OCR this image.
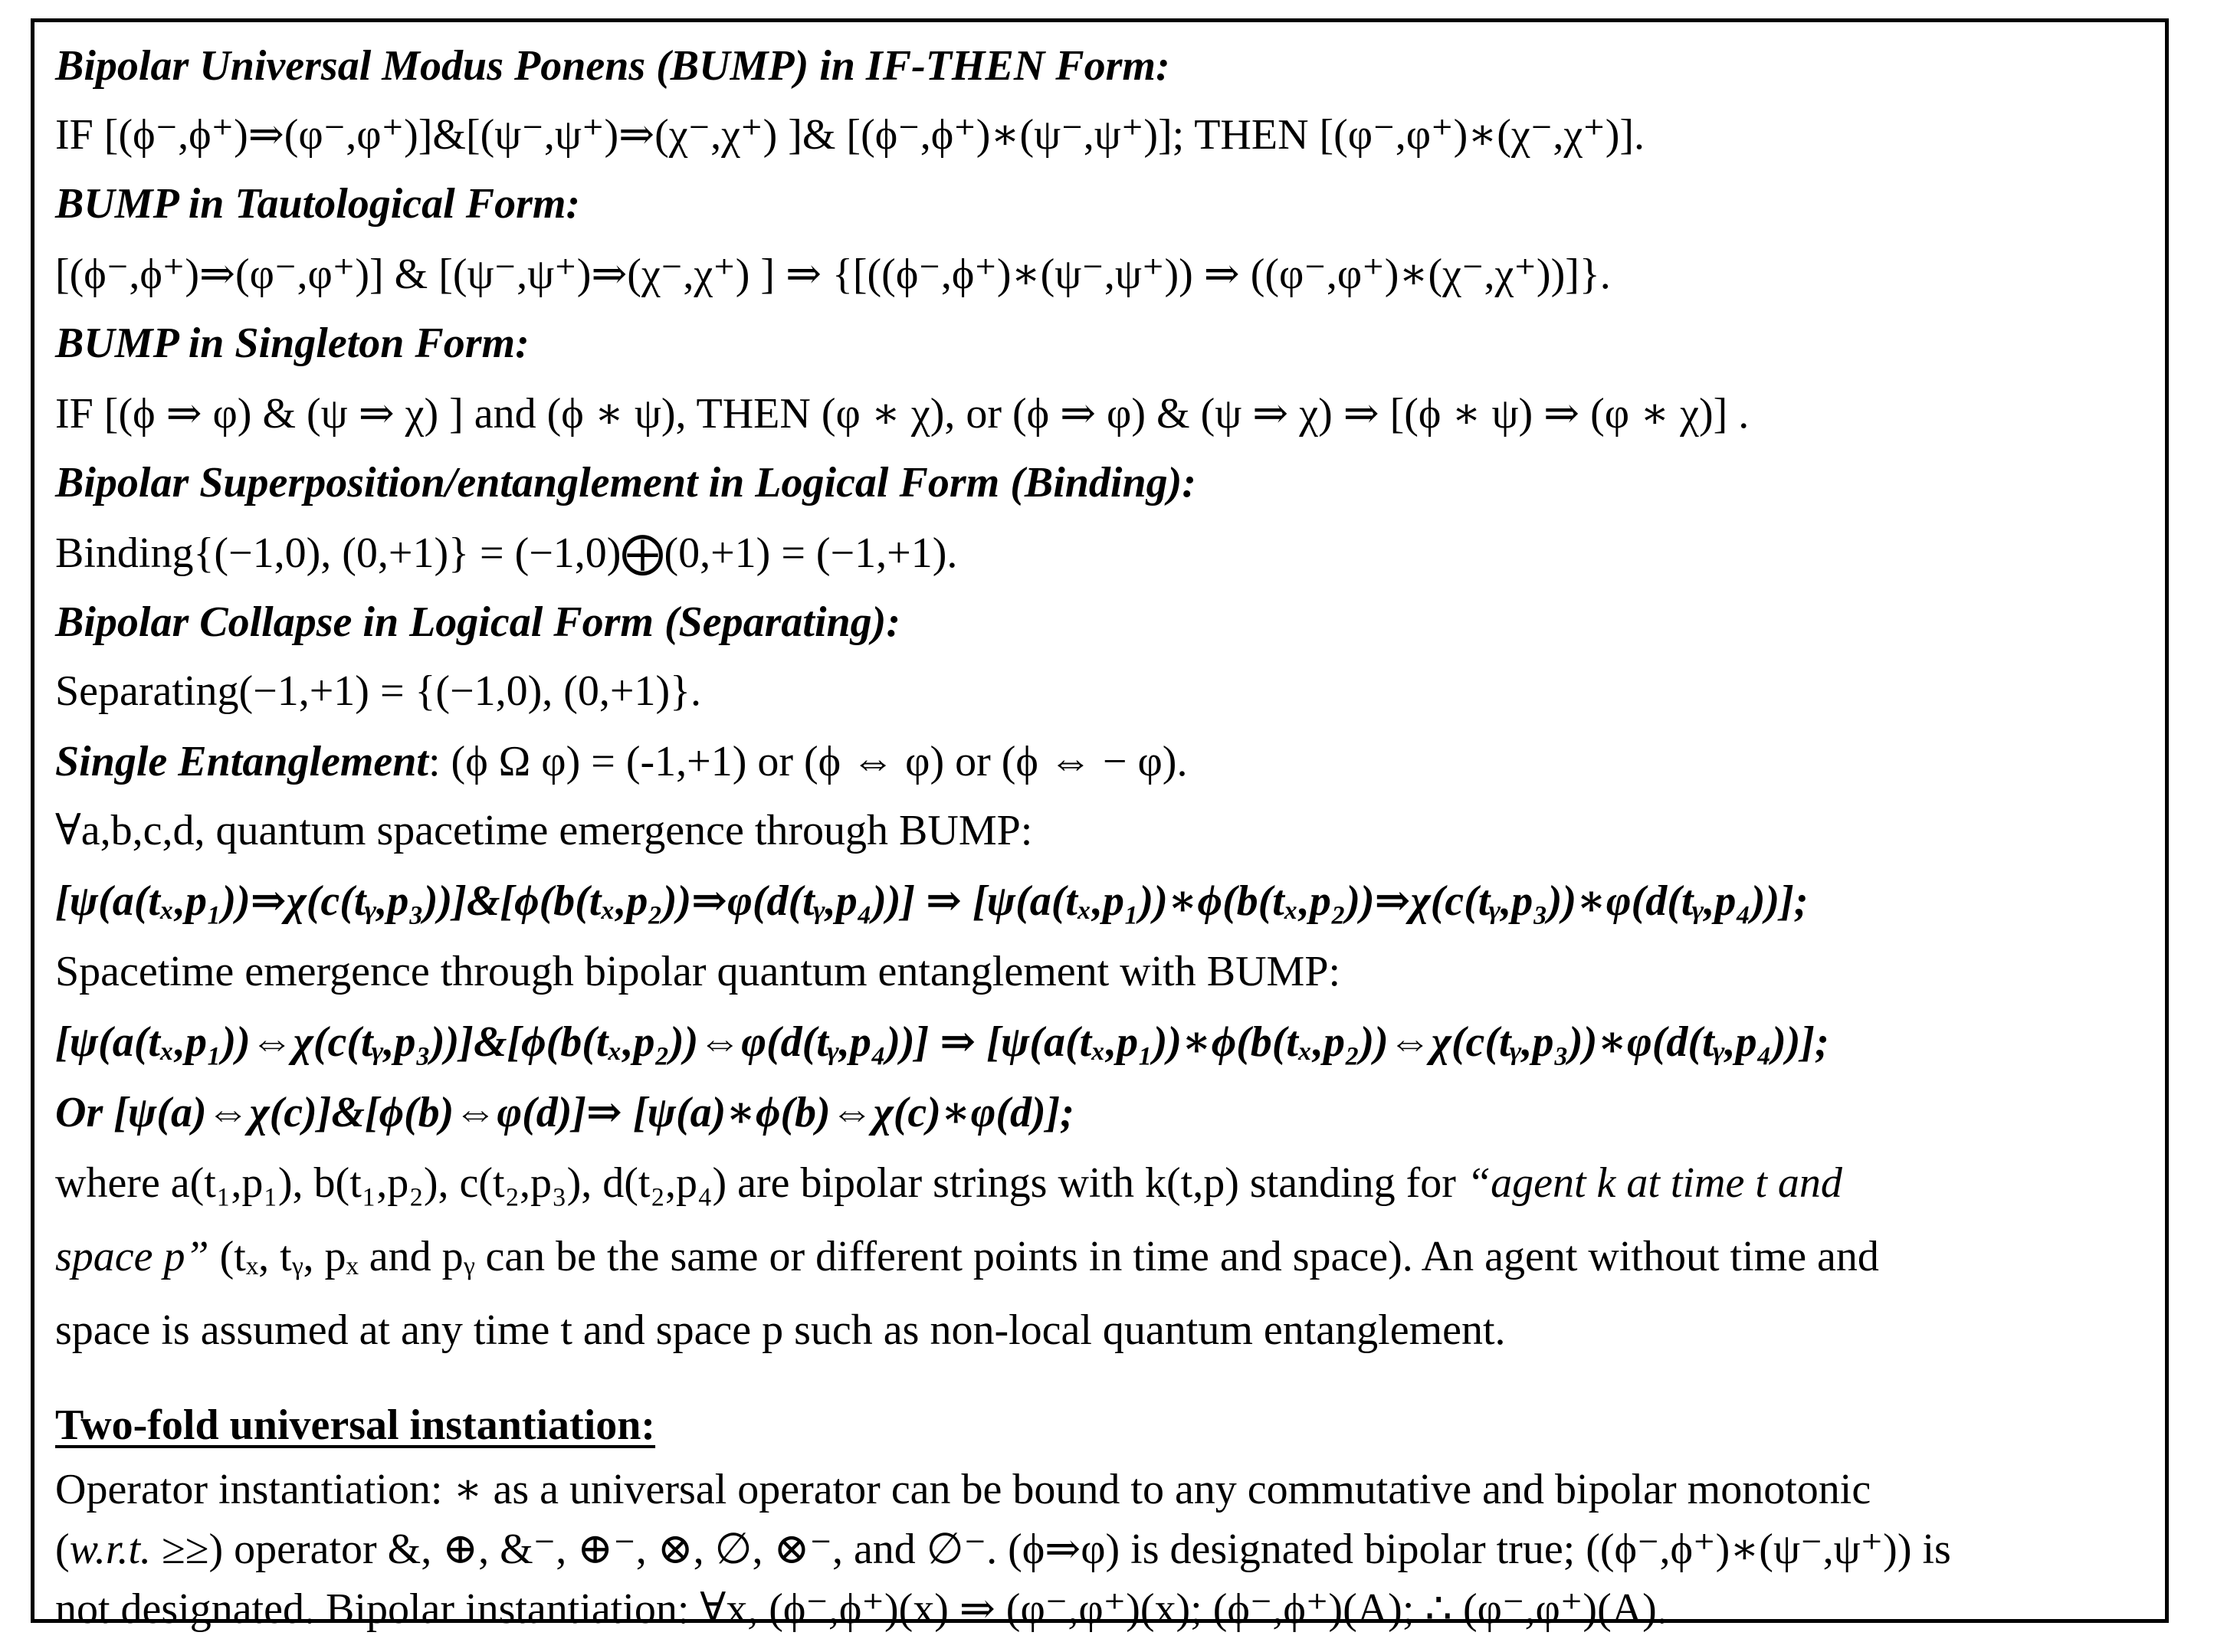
Bipolar Universal Modus Ponens (BUMP) in IF-THEN Form:
IF [(ϕ⁻,ϕ⁺)⇒(φ⁻,φ⁺)]&[(ψ⁻,ψ⁺)⇒(χ⁻,χ⁺) ]& [(ϕ⁻,ϕ⁺)∗(ψ⁻,ψ⁺)]; THEN [(φ⁻,φ⁺)∗(χ⁻,χ⁺)].
BUMP in Tautological Form:
[(ϕ⁻,ϕ⁺)⇒(φ⁻,φ⁺)] & [(ψ⁻,ψ⁺)⇒(χ⁻,χ⁺) ] ⇒ {[((ϕ⁻,ϕ⁺)∗(ψ⁻,ψ⁺)) ⇒ ((φ⁻,φ⁺)∗(χ⁻,χ⁺))]}.
BUMP in Singleton Form:
IF [(ϕ ⇒ φ) & (ψ ⇒ χ) ] and (ϕ ∗ ψ), THEN (φ ∗ χ), or (ϕ ⇒ φ) & (ψ ⇒ χ) ⇒ [(ϕ ∗ ψ) ⇒ (φ ∗ χ)] .
Bipolar Superposition/entanglement in Logical Form (Binding):
Binding{(−1,0), (0,+1)} = (−1,0)⨁(0,+1) = (−1,+1).
Bipolar Collapse in Logical Form (Separating):
Separating(−1,+1) = {(−1,0), (0,+1)}.
Single Entanglement: (ϕ Ω φ) = (-1,+1) or (ϕ ⇔ φ) or (ϕ ⇔ − φ).
∀a,b,c,d, quantum spacetime emergence through BUMP:
[ψ(a(tₓ,p₁))⇒χ(c(tᵧ,p₃))]&[ϕ(b(tₓ,p₂))⇒φ(d(tᵧ,p₄))] ⇒ [ψ(a(tₓ,p₁))∗ϕ(b(tₓ,p₂))⇒χ(c(tᵧ,p₃))∗φ(d(tᵧ,p₄))];
Spacetime emergence through bipolar quantum entanglement with BUMP:
[ψ(a(tₓ,p₁))⇔χ(c(tᵧ,p₃))]&[ϕ(b(tₓ,p₂))⇔φ(d(tᵧ,p₄))] ⇒ [ψ(a(tₓ,p₁))∗ϕ(b(tₓ,p₂))⇔χ(c(tᵧ,p₃))∗φ(d(tᵧ,p₄))];
Or [ψ(a)⇔χ(c)]&[ϕ(b)⇔φ(d)]⇒ [ψ(a)∗ϕ(b)⇔χ(c)∗φ(d)];
where a(t₁,p₁), b(t₁,p₂), c(t₂,p₃), d(t₂,p₄) are bipolar strings with k(t,p) standing for “agent k at time t and
space p” (tₓ, tᵧ, pₓ and pᵧ can be the same or different points in time and space). An agent without time and
space is assumed at any time t and space p such as non-local quantum entanglement.
Two-fold universal instantiation:
Operator instantiation: ∗ as a universal operator can be bound to any commutative and bipolar monotonic
(w.r.t. ≥≥) operator &, ⊕, &⁻, ⊕⁻, ⊗, ∅, ⊗⁻, and ∅⁻. (ϕ⇒φ) is designated bipolar true; ((ϕ⁻,ϕ⁺)∗(ψ⁻,ψ⁺)) is
not designated. Bipolar instantiation: ∀x, (ϕ⁻,ϕ⁺)(x) ⇒ (φ⁻,φ⁺)(x); (ϕ⁻,ϕ⁺)(A); ∴ (φ⁻,φ⁺)(A).
